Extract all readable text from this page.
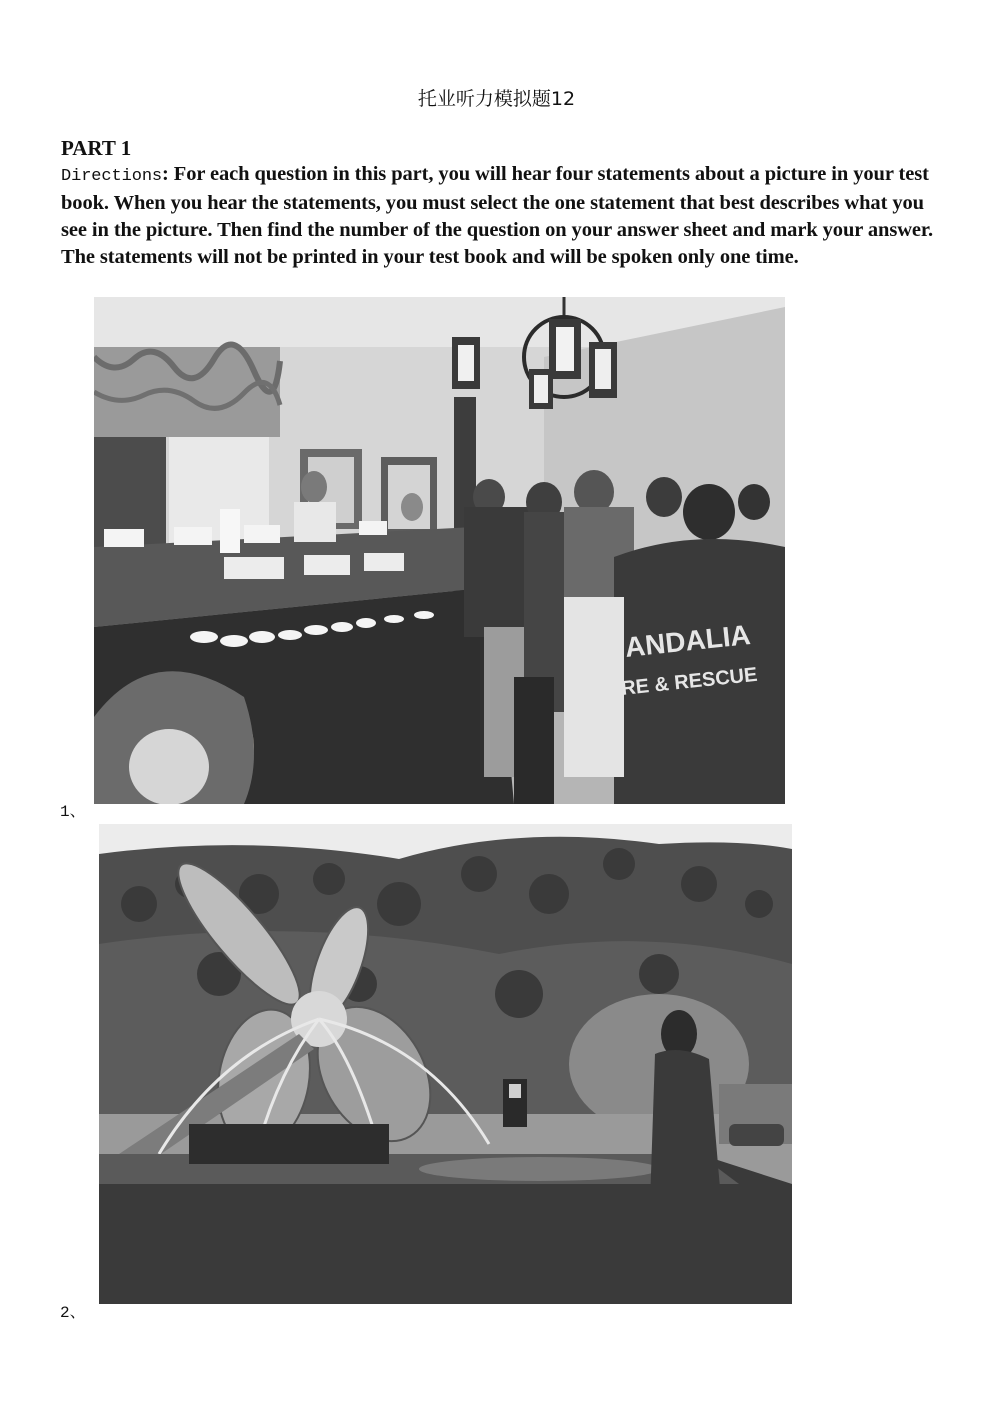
托业听力模拟题12
PART 1
Directions: For each question in this part, you will hear four statements about a picture in your test book. When you hear the statements, you must select the one statement that best describes what you see in the picture. Then find the number of the question on your answer sheet and mark your answer. The statements will not be printed in your test book and will be spoken only one time.
ANDALIA
RE & RESCUE
1、
2、
